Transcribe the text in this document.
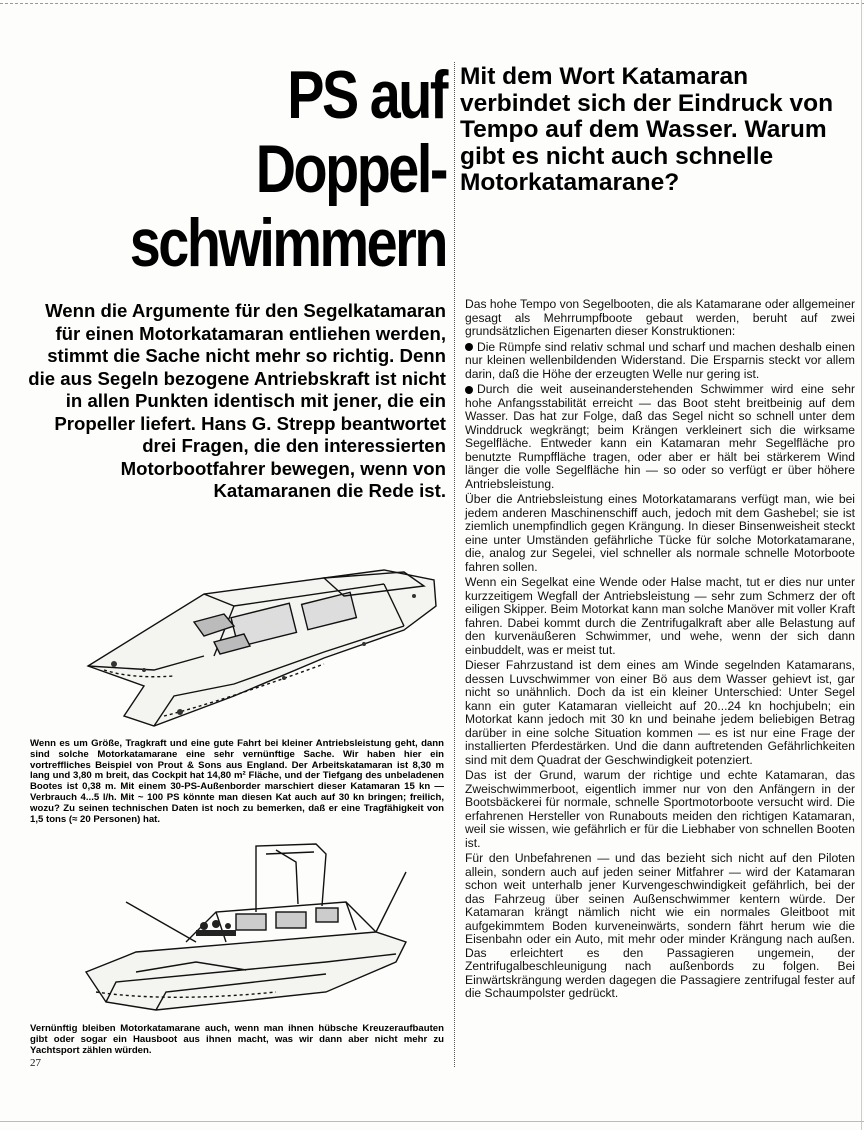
PS auf
Doppel-
schwimmern

Mit dem Wort Katamaran verbindet sich der Eindruck von Tempo auf dem Wasser. Warum gibt es nicht auch schnelle Motorkatamarane?

Wenn die Argumente für den Segelkatamaran für einen Motorkatamaran entliehen werden, stimmt die Sache nicht mehr so richtig. Denn die aus Segeln bezogene Antriebskraft ist nicht in allen Punkten identisch mit jener, die ein Propeller liefert. Hans G. Strepp beantwortet drei Fragen, die den interessierten Motorbootfahrer bewegen, wenn von Katamaranen die Rede ist.

Das hohe Tempo von Segelbooten, die als Katamarane oder allgemeiner gesagt als Mehrrumpfboote gebaut werden, beruht auf zwei grundsätzlichen Eigenarten dieser Konstruktionen:

Die Rümpfe sind relativ schmal und scharf und machen deshalb einen nur kleinen wellenbildenden Widerstand. Die Ersparnis steckt vor allem darin, daß die Höhe der erzeugten Welle nur gering ist.

Durch die weit auseinanderstehenden Schwimmer wird eine sehr hohe Anfangsstabilität erreicht — das Boot steht breitbeinig auf dem Wasser. Das hat zur Folge, daß das Segel nicht so schnell unter dem Winddruck wegkrängt; beim Krängen verkleinert sich die wirksame Segelfläche. Entweder kann ein Katamaran mehr Segelfläche pro benutzte Rumpffläche tragen, oder aber er hält bei stärkerem Wind länger die volle Segelfläche hin — so oder so verfügt er über höhere Antriebsleistung.

Über die Antriebsleistung eines Motorkatamarans verfügt man, wie bei jedem anderen Maschinenschiff auch, jedoch mit dem Gashebel; sie ist ziemlich unempfindlich gegen Krängung. In dieser Binsenweisheit steckt eine unter Umständen gefährliche Tücke für solche Motorkatamarane, die, analog zur Segelei, viel schneller als normale schnelle Motorboote fahren sollen.

Wenn ein Segelkat eine Wende oder Halse macht, tut er dies nur unter kurzzeitigem Wegfall der Antriebsleistung — sehr zum Schmerz der oft eiligen Skipper. Beim Motorkat kann man solche Manöver mit voller Kraft fahren. Dabei kommt durch die Zentrifugalkraft aber alle Belastung auf den kurvenäußeren Schwimmer, und wehe, wenn der sich dann einbuddelt, was er meist tut.

Dieser Fahrzustand ist dem eines am Winde segelnden Katamarans, dessen Luvschwimmer von einer Bö aus dem Wasser gehievt ist, gar nicht so unähnlich. Doch da ist ein kleiner Unterschied: Unter Segel kann ein guter Katamaran vielleicht auf 20...24 kn hochjubeln; ein Motorkat kann jedoch mit 30 kn und beinahe jedem beliebigen Betrag darüber in eine solche Situation kommen — es ist nur eine Frage der installierten Pferdestärken. Und die dann auftretenden Gefährlichkeiten sind mit dem Quadrat der Geschwindigkeit potenziert.

Das ist der Grund, warum der richtige und echte Katamaran, das Zweischwimmerboot, eigentlich immer nur von den Anfängern in der Bootsbäckerei für normale, schnelle Sportmotorboote versucht wird. Die erfahrenen Hersteller von Runabouts meiden den richtigen Katamaran, weil sie wissen, wie gefährlich er für die Liebhaber von schnellen Booten ist.

Für den Unbefahrenen — und das bezieht sich nicht auf den Piloten allein, sondern auch auf jeden seiner Mitfahrer — wird der Katamaran schon weit unterhalb jener Kurvengeschwindigkeit gefährlich, bei der das Fahrzeug über seinen Außenschwimmer kentern würde. Der Katamaran krängt nämlich nicht wie ein normales Gleitboot mit aufgekimmtem Boden kurveneinwärts, sondern fährt herum wie die Eisenbahn oder ein Auto, mit mehr oder minder Krängung nach außen. Das erleichtert es den Passagieren ungemein, der Zentrifugalbeschleunigung nach außenbords zu folgen. Bei Einwärtskrängung werden dagegen die Passagiere zentrifugal fester auf die Schaumpolster gedrückt.

Wenn es um Größe, Tragkraft und eine gute Fahrt bei kleiner Antriebsleistung geht, dann sind solche Motorkatamarane eine sehr vernünftige Sache. Wir haben hier ein vortreffliches Beispiel von Prout & Sons aus England. Der Arbeitskatamaran ist 8,30 m lang und 3,80 m breit, das Cockpit hat 14,80 m² Fläche, und der Tiefgang des unbeladenen Bootes ist 0,38 m. Mit einem 30-PS-Außenborder marschiert dieser Katamaran 15 kn — Verbrauch 4...5 l/h. Mit ~ 100 PS könnte man diesen Kat auch auf 30 kn bringen; freilich, wozu? Zu seinen technischen Daten ist noch zu bemerken, daß er eine Tragfähigkeit von 1,5 tons (≈ 20 Personen) hat.

Vernünftig bleiben Motorkatamarane auch, wenn man ihnen hübsche Kreuzeraufbauten gibt oder sogar ein Hausboot aus ihnen macht, was wir dann aber nicht mehr zu Yachtsport zählen würden.

27
